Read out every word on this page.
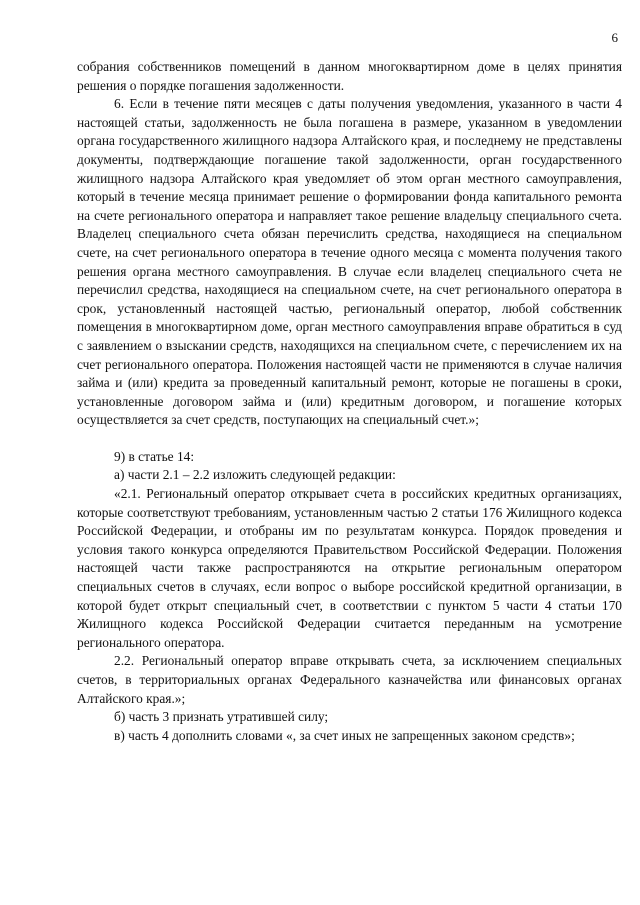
6

собрания собственников помещений в данном многоквартирном доме в целях принятия решения о порядке погашения задолженности.

6. Если в течение пяти месяцев с даты получения уведомления, указанного в части 4 настоящей статьи, задолженность не была погашена в размере, указанном в уведомлении органа государственного жилищного надзора Алтайского края, и последнему не представлены документы, подтверждающие погашение такой задолженности, орган государственного жилищного надзора Алтайского края уведомляет об этом орган местного самоуправления, который в течение месяца принимает решение о формировании фонда капитального ремонта на счете регионального оператора и направляет такое решение владельцу специального счета. Владелец специального счета обязан перечислить средства, находящиеся на специальном счете, на счет регионального оператора в течение одного месяца с момента получения такого решения органа местного самоуправления. В случае если владелец специального счета не перечислил средства, находящиеся на специальном счете, на счет регионального оператора в срок, установленный настоящей частью, региональный оператор, любой собственник помещения в многоквартирном доме, орган местного самоуправления вправе обратиться в суд с заявлением о взыскании средств, находящихся на специальном счете, с перечислением их на счет регионального оператора. Положения настоящей части не применяются в случае наличия займа и (или) кредита за проведенный капитальный ремонт, которые не погашены в сроки, установленные договором займа и (или) кредитным договором, и погашение которых осуществляется за счет средств, поступающих на специальный счет.»;

9) в статье 14:

а) части 2.1 – 2.2 изложить следующей редакции:

«2.1. Региональный оператор открывает счета в российских кредитных организациях, которые соответствуют требованиям, установленным частью 2 статьи 176 Жилищного кодекса Российской Федерации, и отобраны им по результатам конкурса. Порядок проведения и условия такого конкурса определяются Правительством Российской Федерации. Положения настоящей части также распространяются на открытие региональным оператором специальных счетов в случаях, если вопрос о выборе российской кредитной организации, в которой будет открыт специальный счет, в соответствии с пунктом 5 части 4 статьи 170 Жилищного кодекса Российской Федерации считается переданным на усмотрение регионального оператора.

2.2. Региональный оператор вправе открывать счета, за исключением специальных счетов, в территориальных органах Федерального казначейства или финансовых органах Алтайского края.»;

б) часть 3 признать утратившей силу;

в) часть 4 дополнить словами «, за счет иных не запрещенных законом средств»;
